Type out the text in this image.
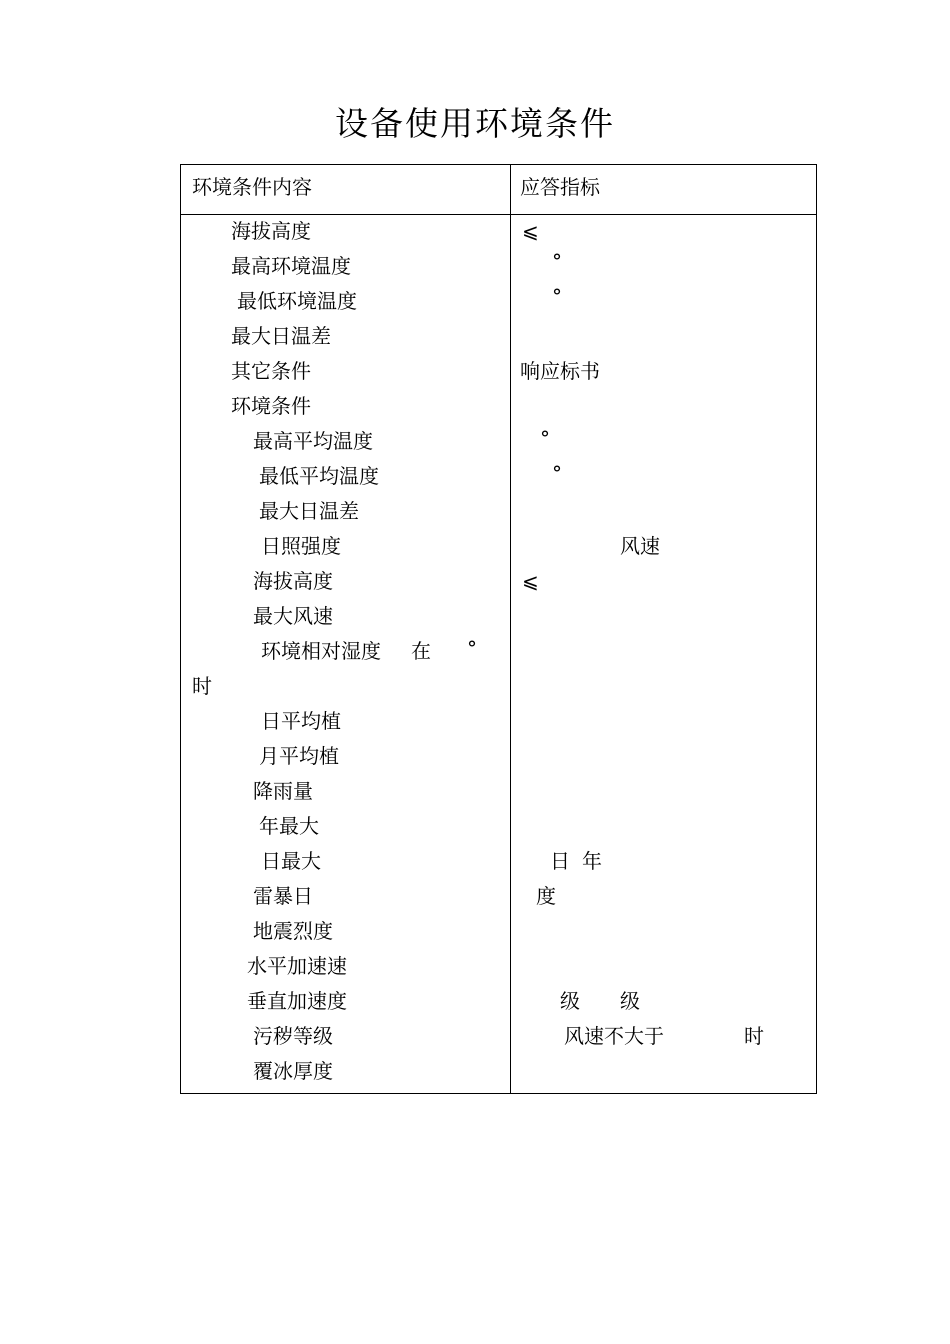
设备使用环境条件
环境条件内容	应答指标
海拔高度
最高环境温度
最低环境温度
最大日温差
其它条件
环境条件
最高平均温度
最低平均温度
最大日温差
日照强度
海拔高度
最大风速
环境相对湿度 在 °
时
日平均植
月平均植
降雨量
年最大
日最大
雷暴日
地震烈度
水平加速速
垂直加速度
污秽等级
覆冰厚度
⩽
°
°
响应标书
°
°
风速
⩽
日 年
度
级 级
风速不大于	时
